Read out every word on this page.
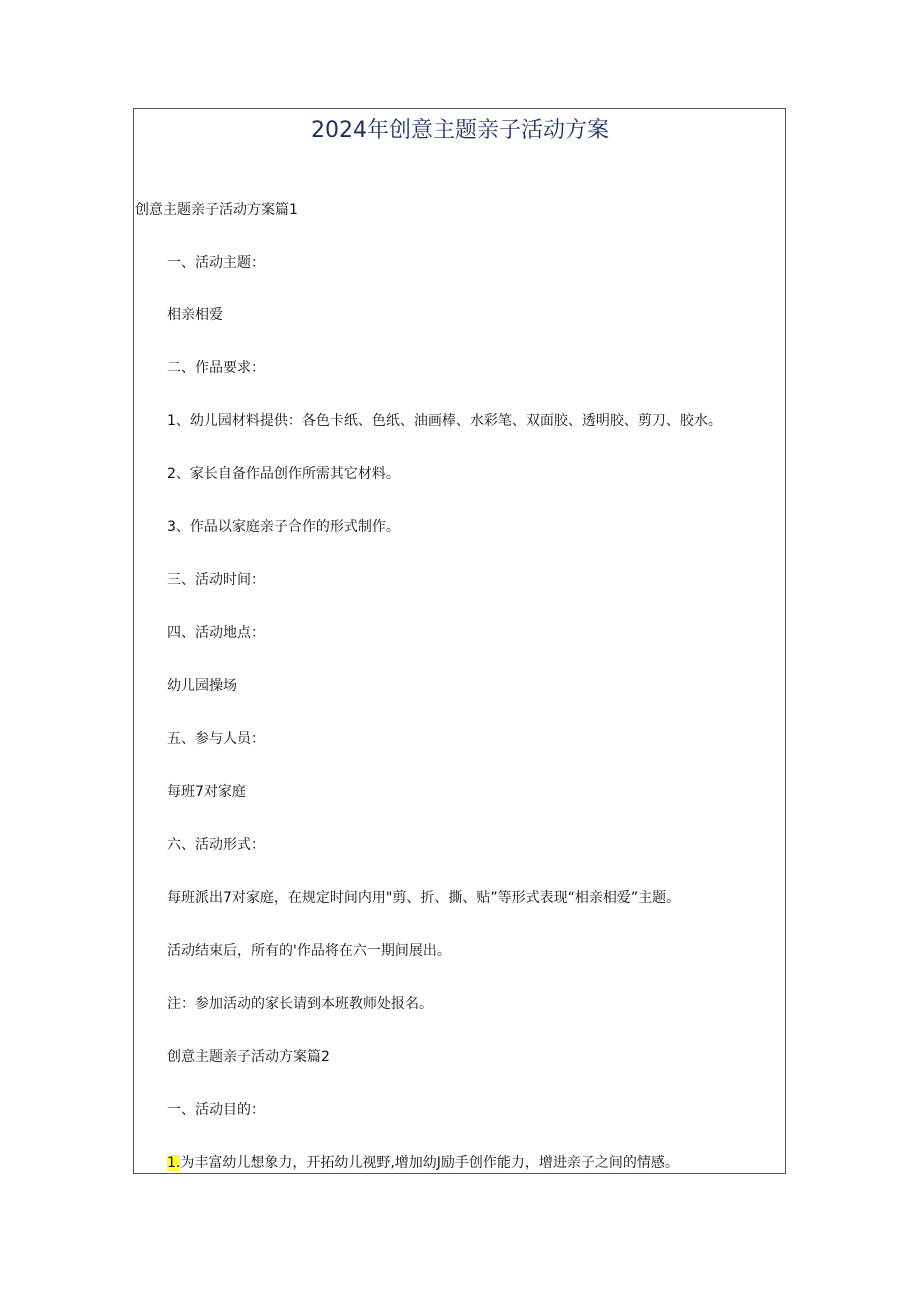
2024年创意主题亲子活动方案
创意主题亲子活动方案篇1
一、活动主题：
相亲相爱
二、作品要求：
1、幼儿园材料提供：各色卡纸、色纸、油画棒、水彩笔、双面胶、透明胶、剪刀、胶水。
2、家长自备作品创作所需其它材料。
3、作品以家庭亲子合作的形式制作。
三、活动时间：
四、活动地点：
幼儿园操场
五、参与人员：
每班7对家庭
六、活动形式：
每班派出7对家庭，在规定时间内用"剪、折、撕、贴”等形式表现“相亲相爱”主题。
活动结束后，所有的'作品将在六一期间展出。
注：参加活动的家长请到本班教师处报名。
创意主题亲子活动方案篇2
一、活动目的：
1.为丰富幼儿想象力，开拓幼儿视野,增加幼J励手创作能力，增进亲子之间的情感。
